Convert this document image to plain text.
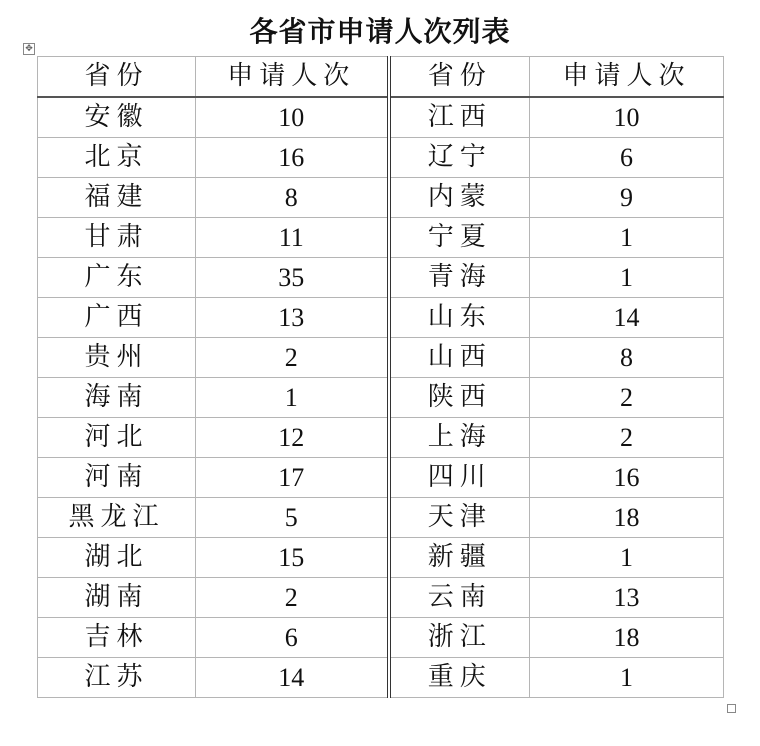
各省市申请人次列表
✥
省份	申请人次	省份	申请人次
安徽	10	江西	10
北京	16	辽宁	6
福建	8	内蒙	9
甘肃	11	宁夏	1
广东	35	青海	1
广西	13	山东	14
贵州	2	山西	8
海南	1	陕西	2
河北	12	上海	2
河南	17	四川	16
黑龙江	5	天津	18
湖北	15	新疆	1
湖南	2	云南	13
吉林	6	浙江	18
江苏	14	重庆	1
